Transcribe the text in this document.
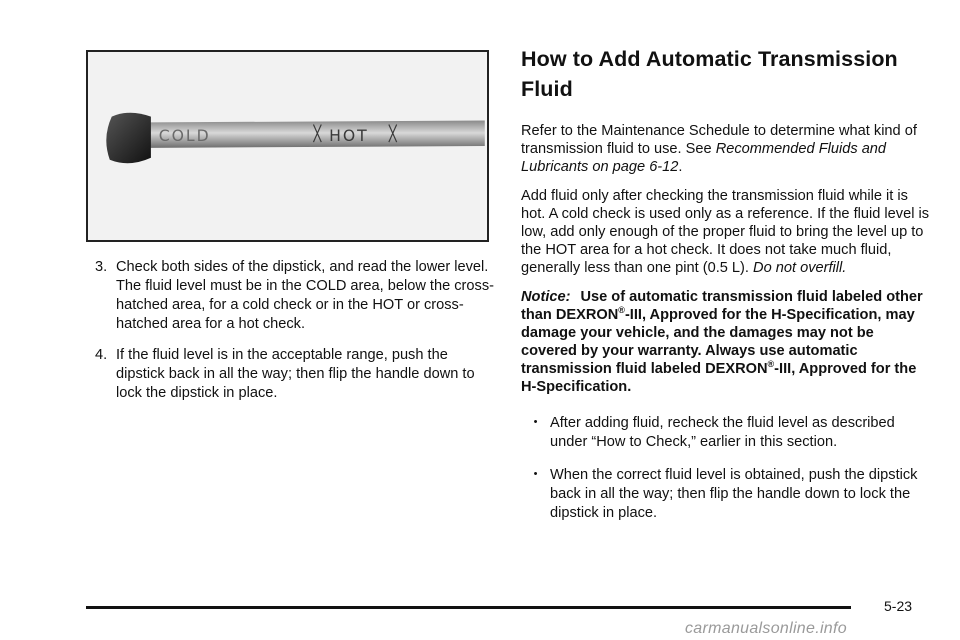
COLD	HOT
3. Check both sides of the dipstick, and read the lower level. The fluid level must be in the COLD area, below the cross-hatched area, for a cold check or in the HOT or cross-hatched area for a hot check.
4. If the fluid level is in the acceptable range, push the dipstick back in all the way; then flip the handle down to lock the dipstick in place.
How to Add Automatic Transmission Fluid

Refer to the Maintenance Schedule to determine what kind of transmission fluid to use. See Recommended Fluids and Lubricants on page 6-12.

Add fluid only after checking the transmission fluid while it is hot. A cold check is used only as a reference. If the fluid level is low, add only enough of the proper fluid to bring the level up to the HOT area for a hot check. It does not take much fluid, generally less than one pint (0.5 L). Do not overfill.

Notice: Use of automatic transmission fluid labeled other than DEXRON®-III, Approved for the H-Specification, may damage your vehicle, and the damages may not be covered by your warranty. Always use automatic transmission fluid labeled DEXRON®-III, Approved for the H-Specification.

• After adding fluid, recheck the fluid level as described under “How to Check,” earlier in this section.
• When the correct fluid level is obtained, push the dipstick back in all the way; then flip the handle down to lock the dipstick in place.
5-23
carmanualsonline.info
